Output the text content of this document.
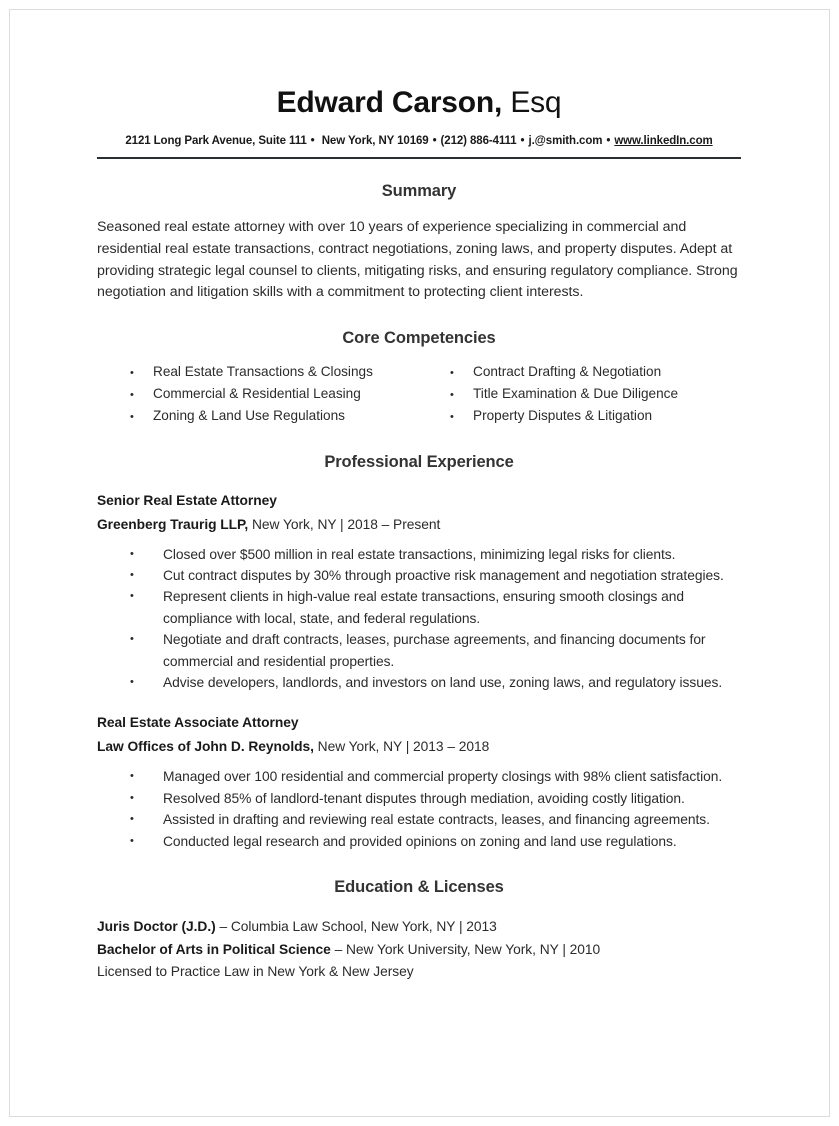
Edward Carson, Esq
2121 Long Park Avenue, Suite 111 • New York, NY 10169 • (212) 886-4111 • j.@smith.com • www.linkedIn.com
Summary
Seasoned real estate attorney with over 10 years of experience specializing in commercial and residential real estate transactions, contract negotiations, zoning laws, and property disputes. Adept at providing strategic legal counsel to clients, mitigating risks, and ensuring regulatory compliance. Strong negotiation and litigation skills with a commitment to protecting client interests.
Core Competencies
•	Real Estate Transactions & Closings
•	Commercial & Residential Leasing
•	Zoning & Land Use Regulations
•	Contract Drafting & Negotiation
•	Title Examination & Due Diligence
•	Property Disputes & Litigation
Professional Experience
Senior Real Estate Attorney
Greenberg Traurig LLP, New York, NY | 2018 – Present
•	Closed over $500 million in real estate transactions, minimizing legal risks for clients.
•	Cut contract disputes by 30% through proactive risk management and negotiation strategies.
•	Represent clients in high-value real estate transactions, ensuring smooth closings and compliance with local, state, and federal regulations.
•	Negotiate and draft contracts, leases, purchase agreements, and financing documents for commercial and residential properties.
•	Advise developers, landlords, and investors on land use, zoning laws, and regulatory issues.
Real Estate Associate Attorney
Law Offices of John D. Reynolds, New York, NY | 2013 – 2018
•	Managed over 100 residential and commercial property closings with 98% client satisfaction.
•	Resolved 85% of landlord-tenant disputes through mediation, avoiding costly litigation.
•	Assisted in drafting and reviewing real estate contracts, leases, and financing agreements.
•	Conducted legal research and provided opinions on zoning and land use regulations.
Education & Licenses
Juris Doctor (J.D.) – Columbia Law School, New York, NY | 2013
Bachelor of Arts in Political Science – New York University, New York, NY | 2010
Licensed to Practice Law in New York & New Jersey
